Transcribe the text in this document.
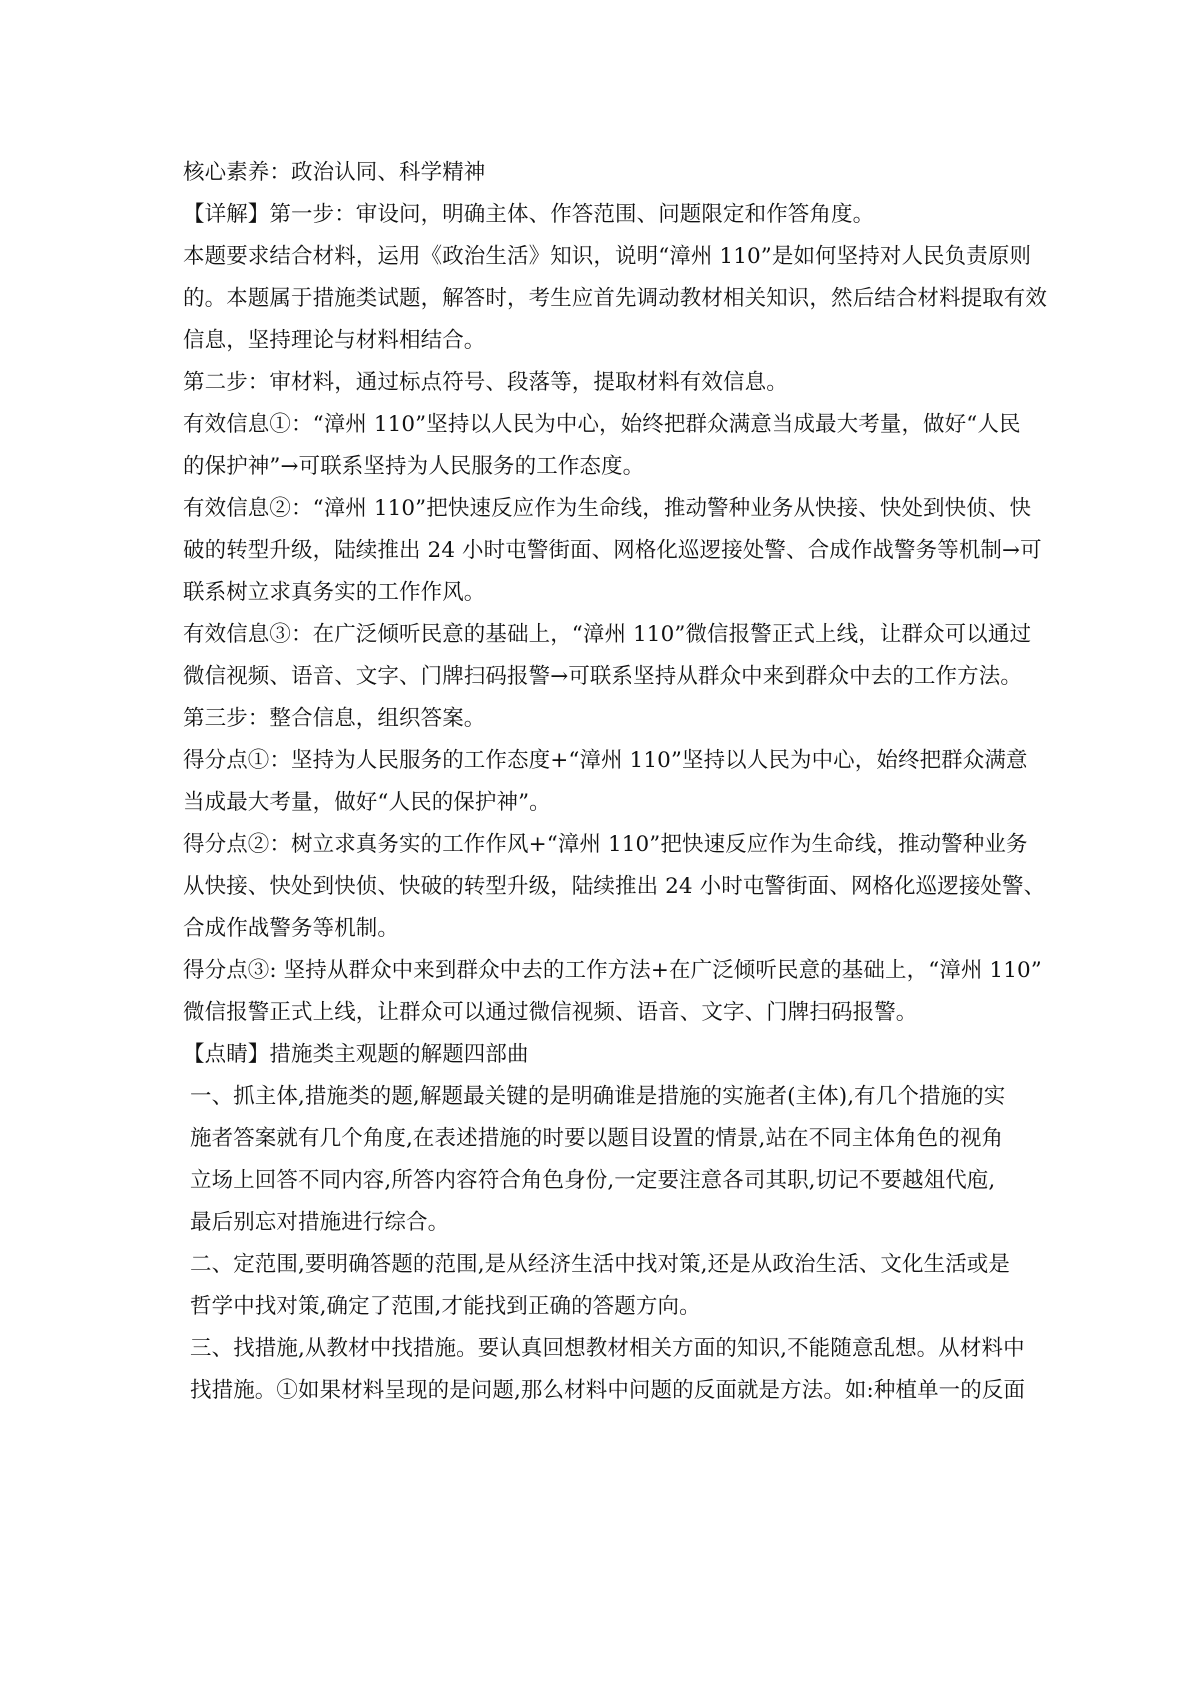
核心素养：政治认同、科学精神
【详解】第一步：审设问，明确主体、作答范围、问题限定和作答角度。
本题要求结合材料，运用《政治生活》知识，说明“漳州 110”是如何坚持对人民负责原则
的。本题属于措施类试题，解答时，考生应首先调动教材相关知识，然后结合材料提取有效
信息，坚持理论与材料相结合。
第二步：审材料，通过标点符号、段落等，提取材料有效信息。
有效信息①：“漳州 110”坚持以人民为中心，始终把群众满意当成最大考量，做好“人民
的保护神”→可联系坚持为人民服务的工作态度。
有效信息②：“漳州 110”把快速反应作为生命线，推动警种业务从快接、快处到快侦、快
破的转型升级，陆续推出 24 小时屯警街面、网格化巡逻接处警、合成作战警务等机制→可
联系树立求真务实的工作作风。
有效信息③：在广泛倾听民意的基础上，“漳州 110”微信报警正式上线，让群众可以通过
微信视频、语音、文字、门牌扫码报警→可联系坚持从群众中来到群众中去的工作方法。
第三步：整合信息，组织答案。
得分点①：坚持为人民服务的工作态度+“漳州 110”坚持以人民为中心，始终把群众满意
当成最大考量，做好“人民的保护神”。
得分点②：树立求真务实的工作作风+“漳州 110”把快速反应作为生命线，推动警种业务
从快接、快处到快侦、快破的转型升级，陆续推出 24 小时屯警街面、网格化巡逻接处警、
合成作战警务等机制。
得分点③: 坚持从群众中来到群众中去的工作方法+在广泛倾听民意的基础上，“漳州 110”
微信报警正式上线，让群众可以通过微信视频、语音、文字、门牌扫码报警。
【点睛】措施类主观题的解题四部曲
一、抓主体,措施类的题,解题最关键的是明确谁是措施的实施者(主体),有几个措施的实
施者答案就有几个角度,在表述措施的时要以题目设置的情景,站在不同主体角色的视角
立场上回答不同内容,所答内容符合角色身份,一定要注意各司其职,切记不要越俎代庖,
最后别忘对措施进行综合。
二、定范围,要明确答题的范围,是从经济生活中找对策,还是从政治生活、文化生活或是
哲学中找对策,确定了范围,才能找到正确的答题方向。
三、找措施,从教材中找措施。要认真回想教材相关方面的知识,不能随意乱想。从材料中
找措施。①如果材料呈现的是问题,那么材料中问题的反面就是方法。如:种植单一的反面
